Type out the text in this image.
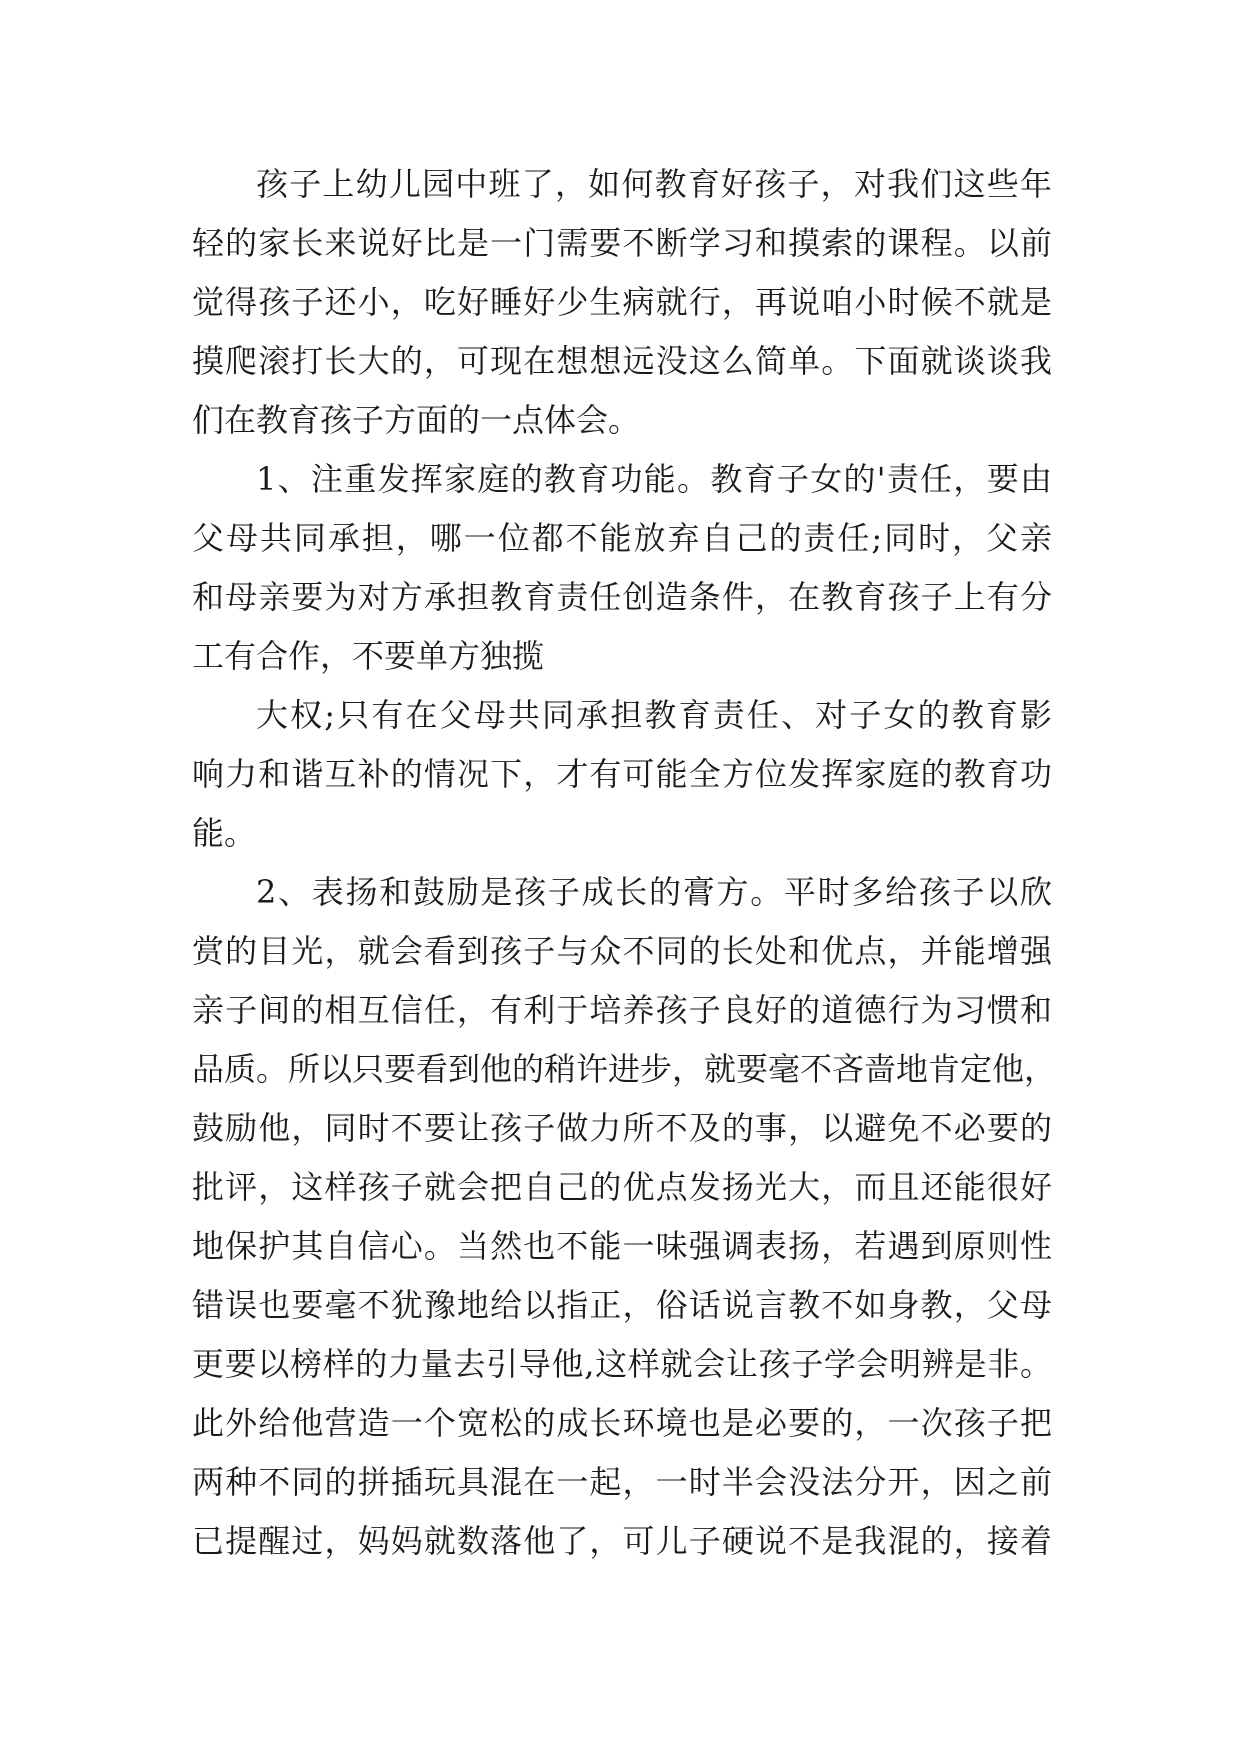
孩子上幼儿园中班了，如何教育好孩子，对我们这些年

轻的家长来说好比是一门需要不断学习和摸索的课程。以前

觉得孩子还小，吃好睡好少生病就行，再说咱小时候不就是

摸爬滚打长大的，可现在想想远没这么简单。下面就谈谈我

们在教育孩子方面的一点体会。

1、注重发挥家庭的教育功能。教育子女的'责任，要由

父母共同承担，哪一位都不能放弃自己的责任;同时，父亲

和母亲要为对方承担教育责任创造条件，在教育孩子上有分

工有合作，不要单方独揽

大权;只有在父母共同承担教育责任、对子女的教育影

响力和谐互补的情况下，才有可能全方位发挥家庭的教育功

能。

2、表扬和鼓励是孩子成长的膏方。平时多给孩子以欣

赏的目光，就会看到孩子与众不同的长处和优点，并能增强

亲子间的相互信任，有利于培养孩子良好的道德行为习惯和

品质。所以只要看到他的稍许进步，就要毫不吝啬地肯定他，

鼓励他，同时不要让孩子做力所不及的事，以避免不必要的

批评，这样孩子就会把自己的优点发扬光大，而且还能很好

地保护其自信心。当然也不能一味强调表扬，若遇到原则性

错误也要毫不犹豫地给以指正，俗话说言教不如身教，父母

更要以榜样的力量去引导他,这样就会让孩子学会明辨是非。

此外给他营造一个宽松的成长环境也是必要的，一次孩子把

两种不同的拼插玩具混在一起，一时半会没法分开，因之前

已提醒过，妈妈就数落他了，可儿子硬说不是我混的，接着
